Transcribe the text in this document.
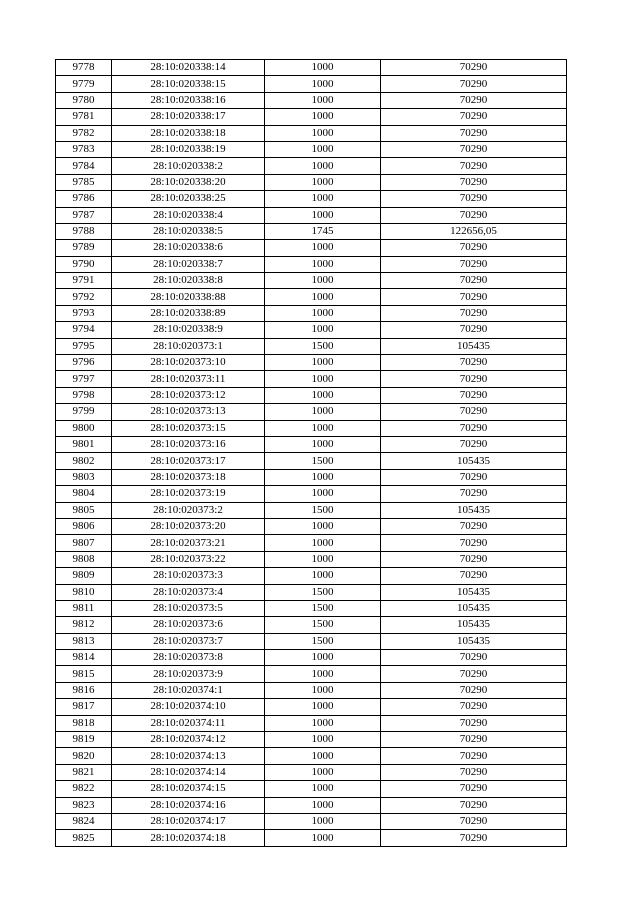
9778	28:10:020338:14	1000	70290
9779	28:10:020338:15	1000	70290
9780	28:10:020338:16	1000	70290
9781	28:10:020338:17	1000	70290
9782	28:10:020338:18	1000	70290
9783	28:10:020338:19	1000	70290
9784	28:10:020338:2	1000	70290
9785	28:10:020338:20	1000	70290
9786	28:10:020338:25	1000	70290
9787	28:10:020338:4	1000	70290
9788	28:10:020338:5	1745	122656,05
9789	28:10:020338:6	1000	70290
9790	28:10:020338:7	1000	70290
9791	28:10:020338:8	1000	70290
9792	28:10:020338:88	1000	70290
9793	28:10:020338:89	1000	70290
9794	28:10:020338:9	1000	70290
9795	28:10:020373:1	1500	105435
9796	28:10:020373:10	1000	70290
9797	28:10:020373:11	1000	70290
9798	28:10:020373:12	1000	70290
9799	28:10:020373:13	1000	70290
9800	28:10:020373:15	1000	70290
9801	28:10:020373:16	1000	70290
9802	28:10:020373:17	1500	105435
9803	28:10:020373:18	1000	70290
9804	28:10:020373:19	1000	70290
9805	28:10:020373:2	1500	105435
9806	28:10:020373:20	1000	70290
9807	28:10:020373:21	1000	70290
9808	28:10:020373:22	1000	70290
9809	28:10:020373:3	1000	70290
9810	28:10:020373:4	1500	105435
9811	28:10:020373:5	1500	105435
9812	28:10:020373:6	1500	105435
9813	28:10:020373:7	1500	105435
9814	28:10:020373:8	1000	70290
9815	28:10:020373:9	1000	70290
9816	28:10:020374:1	1000	70290
9817	28:10:020374:10	1000	70290
9818	28:10:020374:11	1000	70290
9819	28:10:020374:12	1000	70290
9820	28:10:020374:13	1000	70290
9821	28:10:020374:14	1000	70290
9822	28:10:020374:15	1000	70290
9823	28:10:020374:16	1000	70290
9824	28:10:020374:17	1000	70290
9825	28:10:020374:18	1000	70290
